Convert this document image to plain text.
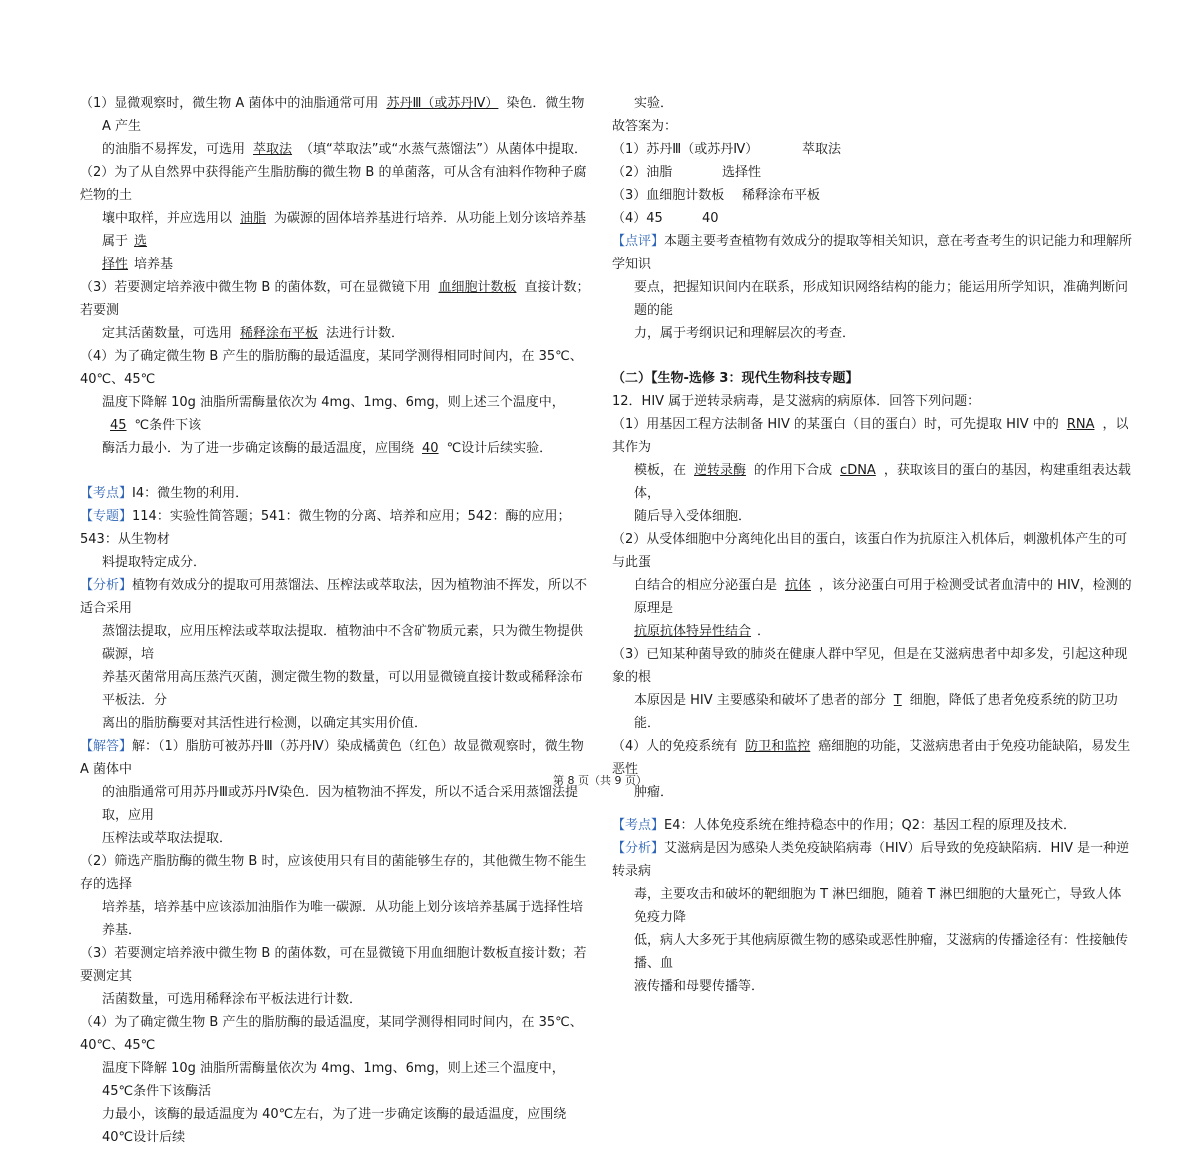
（1）显微观察时，微生物 A 菌体中的油脂通常可用 苏丹Ⅲ（或苏丹Ⅳ） 染色．微生物 A 产生

的油脂不易挥发，可选用 萃取法 （填“萃取法”或“水蒸气蒸馏法”）从菌体中提取．

（2）为了从自然界中获得能产生脂肪酶的微生物 B 的单菌落，可从含有油料作物种子腐烂物的土

壤中取样，并应选用以 油脂 为碳源的固体培养基进行培养．从功能上划分该培养基属于 选

择性 培养基

（3）若要测定培养液中微生物 B 的菌体数，可在显微镜下用 血细胞计数板 直接计数；若要测

定其活菌数量，可选用 稀释涂布平板 法进行计数．

（4）为了确定微生物 B 产生的脂肪酶的最适温度，某同学测得相同时间内，在 35℃、40℃、45℃

温度下降解 10g 油脂所需酶量依次为 4mg、1mg、6mg，则上述三个温度中，45 ℃条件下该

酶活力最小．为了进一步确定该酶的最适温度，应围绕 40 ℃设计后续实验．

【考点】I4：微生物的利用．

【专题】114：实验性简答题；541：微生物的分离、培养和应用；542：酶的应用；543：从生物材

料提取特定成分．

【分析】植物有效成分的提取可用蒸馏法、压榨法或萃取法，因为植物油不挥发，所以不适合采用

蒸馏法提取，应用压榨法或萃取法提取．植物油中不含矿物质元素，只为微生物提供碳源，培

养基灭菌常用高压蒸汽灭菌，测定微生物的数量，可以用显微镜直接计数或稀释涂布平板法．分

离出的脂肪酶要对其活性进行检测，以确定其实用价值．

【解答】解：（1）脂肪可被苏丹Ⅲ（苏丹Ⅳ）染成橘黄色（红色）故显微观察时，微生物 A 菌体中

的油脂通常可用苏丹Ⅲ或苏丹Ⅳ染色．因为植物油不挥发，所以不适合采用蒸馏法提取，应用

压榨法或萃取法提取．

（2）筛选产脂肪酶的微生物 B 时，应该使用只有目的菌能够生存的，其他微生物不能生存的选择

培养基，培养基中应该添加油脂作为唯一碳源．从功能上划分该培养基属于选择性培养基．

（3）若要测定培养液中微生物 B 的菌体数，可在显微镜下用血细胞计数板直接计数；若要测定其

活菌数量，可选用稀释涂布平板法进行计数．

（4）为了确定微生物 B 产生的脂肪酶的最适温度，某同学测得相同时间内，在 35℃、40℃、45℃

温度下降解 10g 油脂所需酶量依次为 4mg、1mg、6mg，则上述三个温度中，45℃条件下该酶活

力最小，该酶的最适温度为 40℃左右，为了进一步确定该酶的最适温度，应围绕 40℃设计后续

实验．

故答案为：

（1）苏丹Ⅲ（或苏丹Ⅳ）	萃取法
（2）油脂	选择性
（3）血细胞计数板	稀释涂布平板
（4）45	40

【点评】本题主要考查植物有效成分的提取等相关知识，意在考查考生的识记能力和理解所学知识

要点，把握知识间内在联系，形成知识网络结构的能力；能运用所学知识，准确判断问题的能

力，属于考纲识记和理解层次的考查．

（二）【生物-选修 3：现代生物科技专题】

12．HIV 属于逆转录病毒，是艾滋病的病原体．回答下列问题：

（1）用基因工程方法制备 HIV 的某蛋白（目的蛋白）时，可先提取 HIV 中的 RNA ，以其作为

模板，在 逆转录酶 的作用下合成 cDNA ，获取该目的蛋白的基因，构建重组表达载体，

随后导入受体细胞．

（2）从受体细胞中分离纯化出目的蛋白，该蛋白作为抗原注入机体后，刺激机体产生的可与此蛋

白结合的相应分泌蛋白是 抗体 ，该分泌蛋白可用于检测受试者血清中的 HIV，检测的原理是

抗原抗体特异性结合 ．

（3）已知某种菌导致的肺炎在健康人群中罕见，但是在艾滋病患者中却多发，引起这种现象的根

本原因是 HIV 主要感染和破坏了患者的部分 T 细胞，降低了患者免疫系统的防卫功能．

（4）人的免疫系统有 防卫和监控 癌细胞的功能，艾滋病患者由于免疫功能缺陷，易发生恶性

肿瘤．

【考点】E4：人体免疫系统在维持稳态中的作用；Q2：基因工程的原理及技术．

【分析】艾滋病是因为感染人类免疫缺陷病毒（HIV）后导致的免疫缺陷病．HIV 是一种逆转录病

毒，主要攻击和破坏的靶细胞为 T 淋巴细胞，随着 T 淋巴细胞的大量死亡，导致人体免疫力降

低，病人大多死于其他病原微生物的感染或恶性肿瘤，艾滋病的传播途径有：性接触传播、血

液传播和母婴传播等．

第 8 页（共 9 页）
